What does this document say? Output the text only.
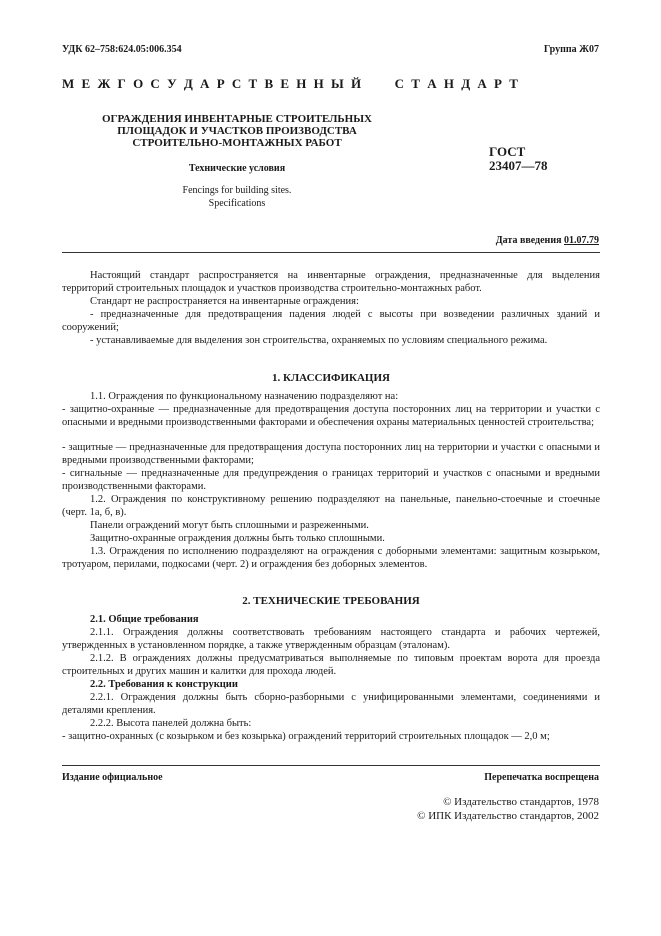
УДК 62–758:624.05:006.354	Группа Ж07
М Е Ж Г О С У Д А Р С Т В Е Н Н Ы Й      С Т А Н Д А Р Т
ОГРАЖДЕНИЯ ИНВЕНТАРНЫЕ СТРОИТЕЛЬНЫХ
ПЛОЩАДОК И УЧАСТКОВ ПРОИЗВОДСТВА
СТРОИТЕЛЬНО-МОНТАЖНЫХ РАБОТ
Технические условия
Fencings for building sites.
Specifications
ГОСТ
23407—78
Дата введения 01.07.79
Настоящий стандарт распространяется на инвентарные ограждения, предназначенные для выделения территорий строительных площадок и участков производства строительно-монтажных работ.
Стандарт не распространяется на инвентарные ограждения:
- предназначенные для предотвращения падения людей с высоты при возведении различных зданий и сооружений;
- устанавливаемые для выделения зон строительства, охраняемых по условиям специального режима.
1. КЛАССИФИКАЦИЯ
1.1. Ограждения по функциональному назначению подразделяют на:
- защитно-охранные — предназначенные для предотвращения доступа посторонних лиц на территории и участки с опасными и вредными производственными факторами и обеспечения охраны материальных ценностей строительства;
- защитные — предназначенные для предотвращения доступа посторонних лиц на территории и участки с опасными и вредными производственными факторами;
- сигнальные — предназначенные для предупреждения о границах территорий и участков с опасными и вредными производственными факторами.
1.2. Ограждения по конструктивному решению подразделяют на панельные, панельно-стоечные и стоечные (черт. 1а, б, в).
Панели ограждений могут быть сплошными и разреженными.
Защитно-охранные ограждения должны быть только сплошными.
1.3. Ограждения по исполнению подразделяют на ограждения с доборными элементами: защитным козырьком, тротуаром, перилами, подкосами (черт. 2) и ограждения без доборных элементов.
2. ТЕХНИЧЕСКИЕ ТРЕБОВАНИЯ
2.1. Общие требования
2.1.1. Ограждения должны соответствовать требованиям настоящего стандарта и рабочих чертежей, утвержденных в установленном порядке, а также утвержденным образцам (эталонам).
2.1.2. В ограждениях должны предусматриваться выполняемые по типовым проектам ворота для проезда строительных и других машин и калитки для прохода людей.
2.2. Требования к конструкции
2.2.1. Ограждения должны быть сборно-разборными с унифицированными элементами, соединениями и деталями крепления.
2.2.2. Высота панелей должна быть:
- защитно-охранных (с козырьком и без козырька) ограждений территорий строительных площадок — 2,0 м;
Издание официальное	Перепечатка воспрещена
© Издательство стандартов, 1978
© ИПК Издательство стандартов, 2002
